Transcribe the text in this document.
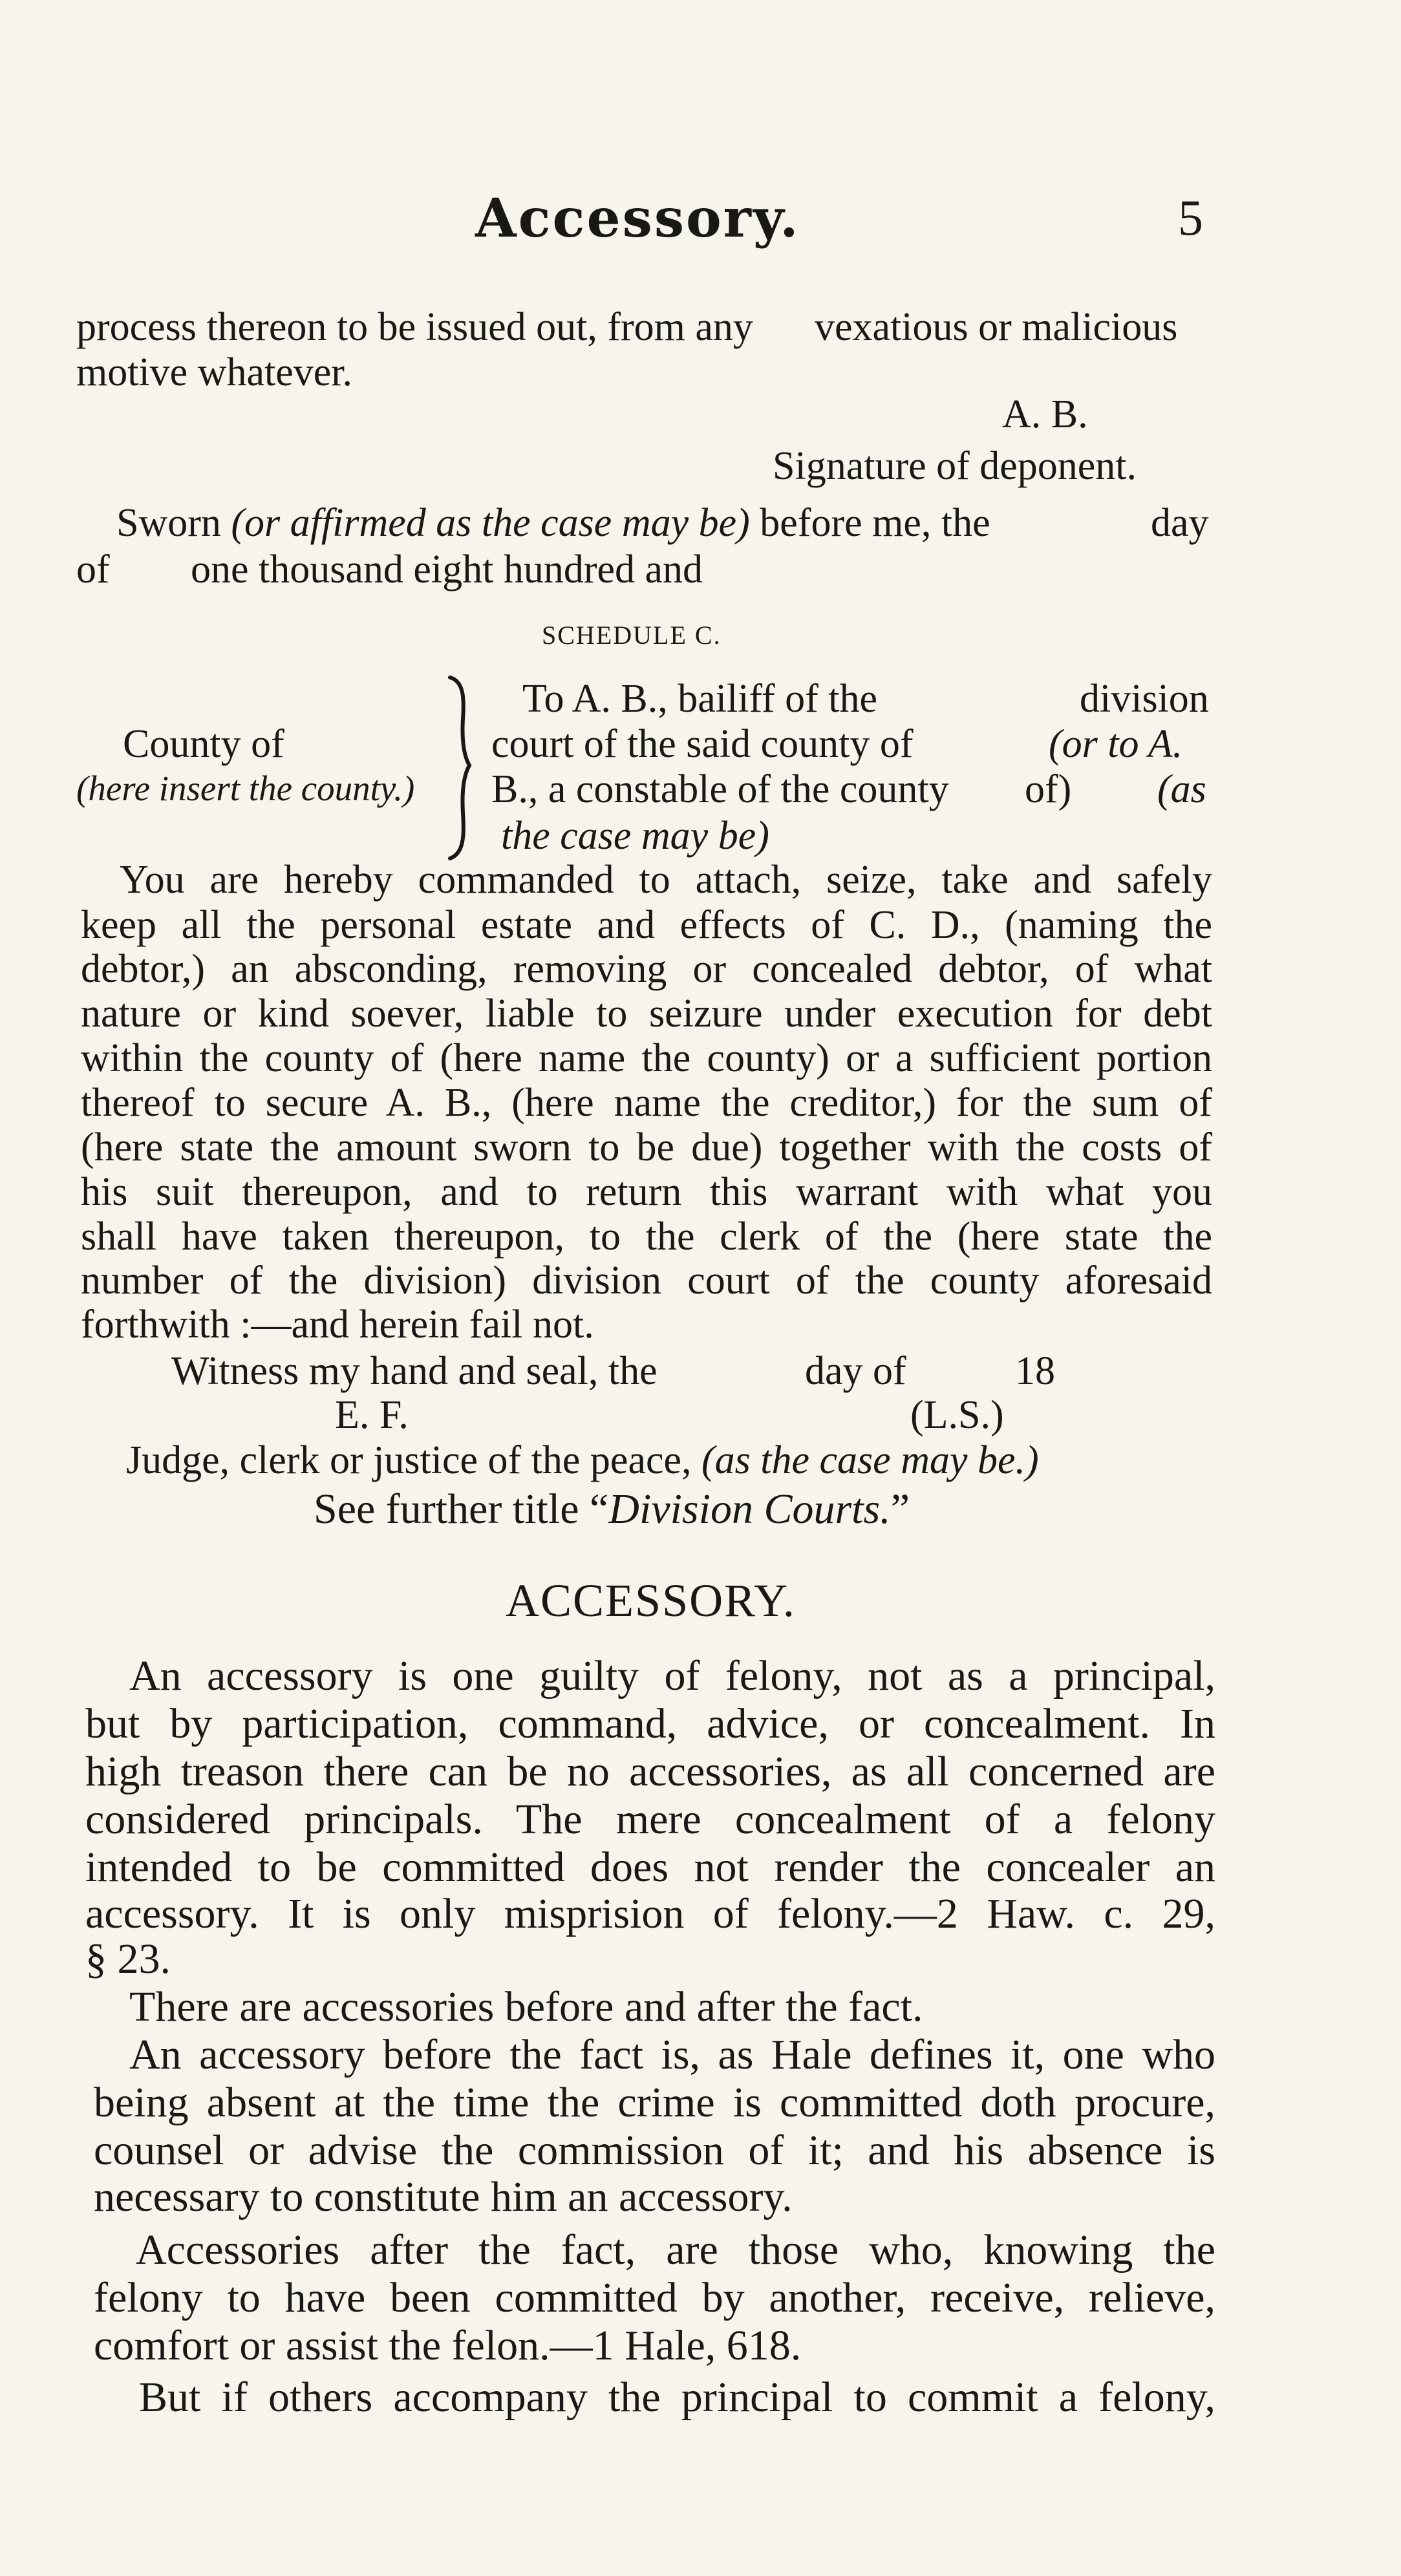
Accessory.	5
process thereon to be issued out, from any vexatious or malicious
motive whatever.
A. B.
Signature of deponent.
Sworn (or affirmed as the case may be) before me, the	day
of one thousand eight hundred and
SCHEDULE C.
County of
(here insert the county.)
To A. B., bailiff of the	division
court of the said county of	(or to A.
B., a constable of the county of) (as
the case may be)
You are hereby commanded to attach, seize, take and safely
keep all the personal estate and effects of C. D., (naming the
debtor,) an absconding, removing or concealed debtor, of what
nature or kind soever, liable to seizure under execution for debt
within the county of (here name the county) or a sufficient portion
thereof to secure A. B., (here name the creditor,) for the sum of
(here state the amount sworn to be due) together with the costs of
his suit thereupon, and to return this warrant with what you
shall have taken thereupon, to the clerk of the (here state the
number of the division) division court of the county aforesaid
forthwith :—and herein fail not.
Witness my hand and seal, the	day of	18
E. F.	(L.S.)
Judge, clerk or justice of the peace, (as the case may be.)
See further title “Division Courts.”
ACCESSORY.
An accessory is one guilty of felony, not as a principal,
but by participation, command, advice, or concealment. In
high treason there can be no accessories, as all concerned are
considered principals. The mere concealment of a felony
intended to be committed does not render the concealer an
accessory. It is only misprision of felony.—2 Haw. c. 29,
§ 23.
There are accessories before and after the fact.
An accessory before the fact is, as Hale defines it, one who
being absent at the time the crime is committed doth procure,
counsel or advise the commission of it; and his absence is
necessary to constitute him an accessory.
Accessories after the fact, are those who, knowing the
felony to have been committed by another, receive, relieve,
comfort or assist the felon.—1 Hale, 618.
But if others accompany the principal to commit a felony,
